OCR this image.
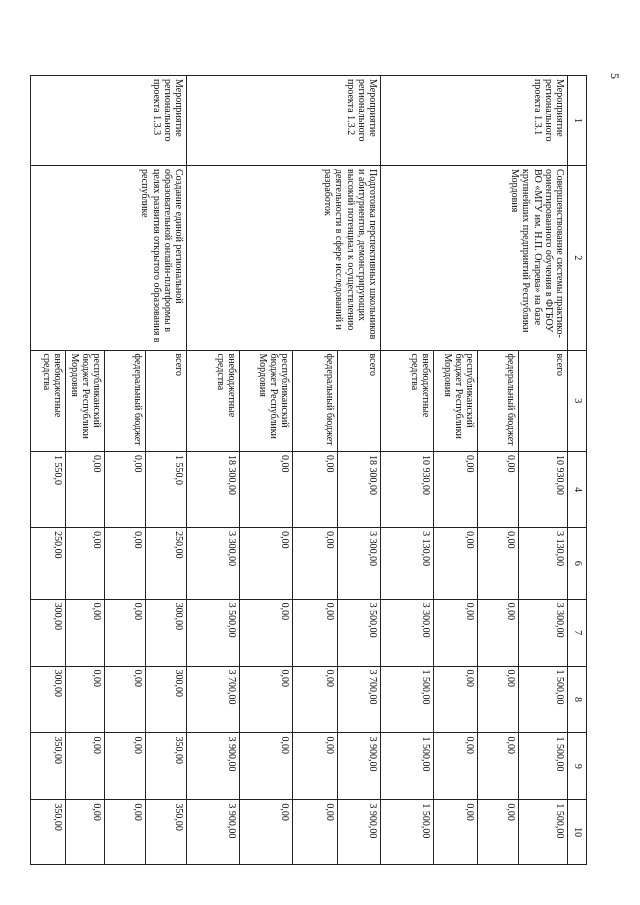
5
1	2	3	4	6	7	8	9	10
Мероприятие регионального проекта 1.3.1	Совершенствование системы практико-ориентированного обучения в ФГБОУ ВО «МГУ им. Н.П. Огарева» на базе крупнейших предприятий Республики Мордовия	всего	10 930,00	3 130,00	3 300,00	1 500,00	1 500,00	1 500,00
		федеральный бюджет	0,00	0,00	0,00	0,00	0,00	0,00
		республиканский бюджет Республики Мордовия	0,00	0,00	0,00	0,00	0,00	0,00
		внебюджетные средства	10 930,00	3 130,00	3 300,00	1 500,00	1 500,00	1 500,00
Мероприятие регионального проекта 1.3.2	Подготовка перспективных школьников и абитуриентов, демонстрирующих высокий потенциал к осуществлению деятельности в сфере исследований и разработок	всего	18 300,00	3 300,00	3 500,00	3 700,00	3 900,00	3 900,00
		федеральный бюджет	0,00	0,00	0,00	0,00	0,00	0,00
		республиканский бюджет Республики Мордовия	0,00	0,00	0,00	0,00	0,00	0,00
		внебюджетные средства	18 300,00	3 300,00	3 500,00	3 700,00	3 900,00	3 900,00
Мероприятие регионального проекта 1.3.3	Создание единой региональной образовательной онлайн-платформы в целях развития открытого образования в республике	всего	1 550,0	250,00	300,00	300,00	350,00	350,00
		федеральный бюджет	0,00	0,00	0,00	0,00	0,00	0,00
		республиканский бюджет Республики Мордовия	0,00	0,00	0,00	0,00	0,00	0,00
		внебюджетные средства	1 550,0	250,00	300,00	300,00	350,00	350,00
